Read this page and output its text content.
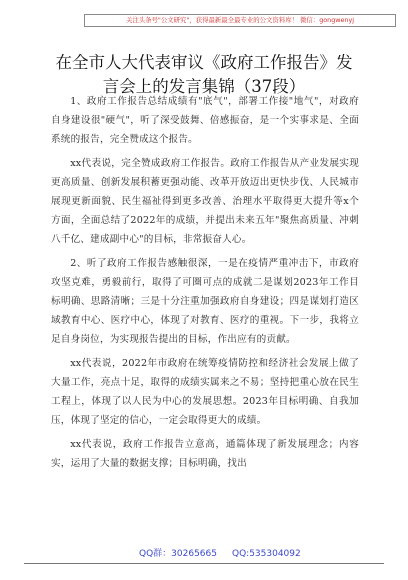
关注头条号"公文研究"，获得最新最全最专业的公文资料库！ 微信：gongwenyj
在全市人大代表审议《政府工作报告》发言会上的发言集锦（37段）

1、政府工作报告总结成绩有"底气"，部署工作接"地气"，对政府自身建设很"硬气"，听了深受鼓舞、倍感振奋，是一个实事求是、全面系统的报告，完全赞成这个报告。

xx代表说，完全赞成政府工作报告。政府工作报告从产业发展实现更高质量、创新发展积蓄更强动能、改革开放迈出更快步伐、人民城市展现更新面貌、民生福祉得到更多改善、治理水平取得更大提升等x个方面，全面总结了2022年的成绩，并提出未来五年"聚焦高质量、冲刺八千亿、建成副中心"的目标，非常振奋人心。

2、听了政府工作报告感触很深，一是在疫情严重冲击下，市政府攻坚克难，勇毅前行，取得了可圈可点的成就二是谋划2023年工作目标明确、思路清晰；三是十分注重加强政府自身建设；四是谋划打造区域教育中心、医疗中心，体现了对教育、医疗的重视。下一步，我将立足自身岗位，为实现报告提出的目标，作出应有的贡献。

xx代表说，2022年市政府在统筹疫情防控和经济社会发展上做了大量工作，亮点十足，取得的成绩实属来之不易；坚持把重心放在民生工程上，体现了以人民为中心的发展思想。2023年目标明确、自我加压，体现了坚定的信心，一定会取得更大的成绩。

xx代表说，政府工作报告立意高，通篇体现了新发展理念；内容实，运用了大量的数据支撑；目标明确，找出

QQ群：30265665 QQ:535304092
